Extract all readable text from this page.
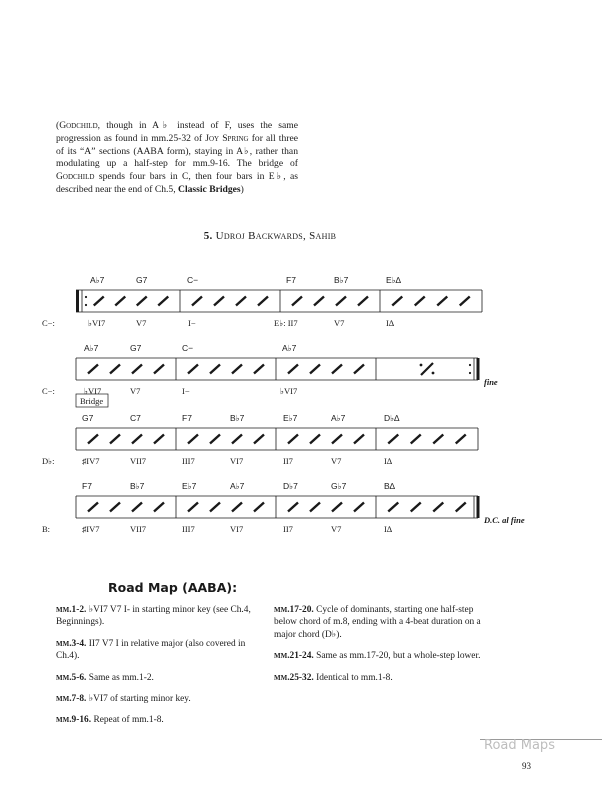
(Godchild, though in A♭ instead of F, uses the same progression as found in mm.25-32 of Joy Spring for all three of its “A” sections (AABA form), staying in A♭, rather than modulating up a half-step for mm.9-16. The bridge of Godchild spends four bars in C, then four bars in E♭, as described near the end of Ch.5, Classic Bridges)

5. Udroj Backwards, Sahib
A♭7	G7	C−	F7	B♭7	E♭∆
C−:	♭VI7	V7	I−	E♭: II7	V7	I∆
A♭7	G7	C−	A♭7
C−:	♭VI7	V7	I−	♭VI7
fine
G7	C7	F7	B♭7	E♭7	A♭7	D♭∆
D♭:	♯IV7	VII7	III7	VI7	II7	V7	I∆
F7	B♭7	E♭7	A♭7	D♭7	G♭7	B∆
B:	♯IV7	VII7	III7	VI7	II7	V7	I∆
D.C. al fine
Bridge
Road Map (AABA):

mm.1-2. ♭VI7 V7 I- in starting minor key (see Ch.4, Beginnings).

mm.3-4. II7 V7 I in relative major (also covered in Ch.4).

mm.5-6. Same as mm.1-2.

mm.7-8. ♭VI7 of starting minor key.

mm.9-16. Repeat of mm.1-8.

mm.17-20. Cycle of dominants, starting one half-step below chord of m.8, ending with a 4-beat duration on a major chord (D♭).

mm.21-24. Same as mm.17-20, but a whole-step lower.

mm.25-32. Identical to mm.1-8.

Road Maps
93
